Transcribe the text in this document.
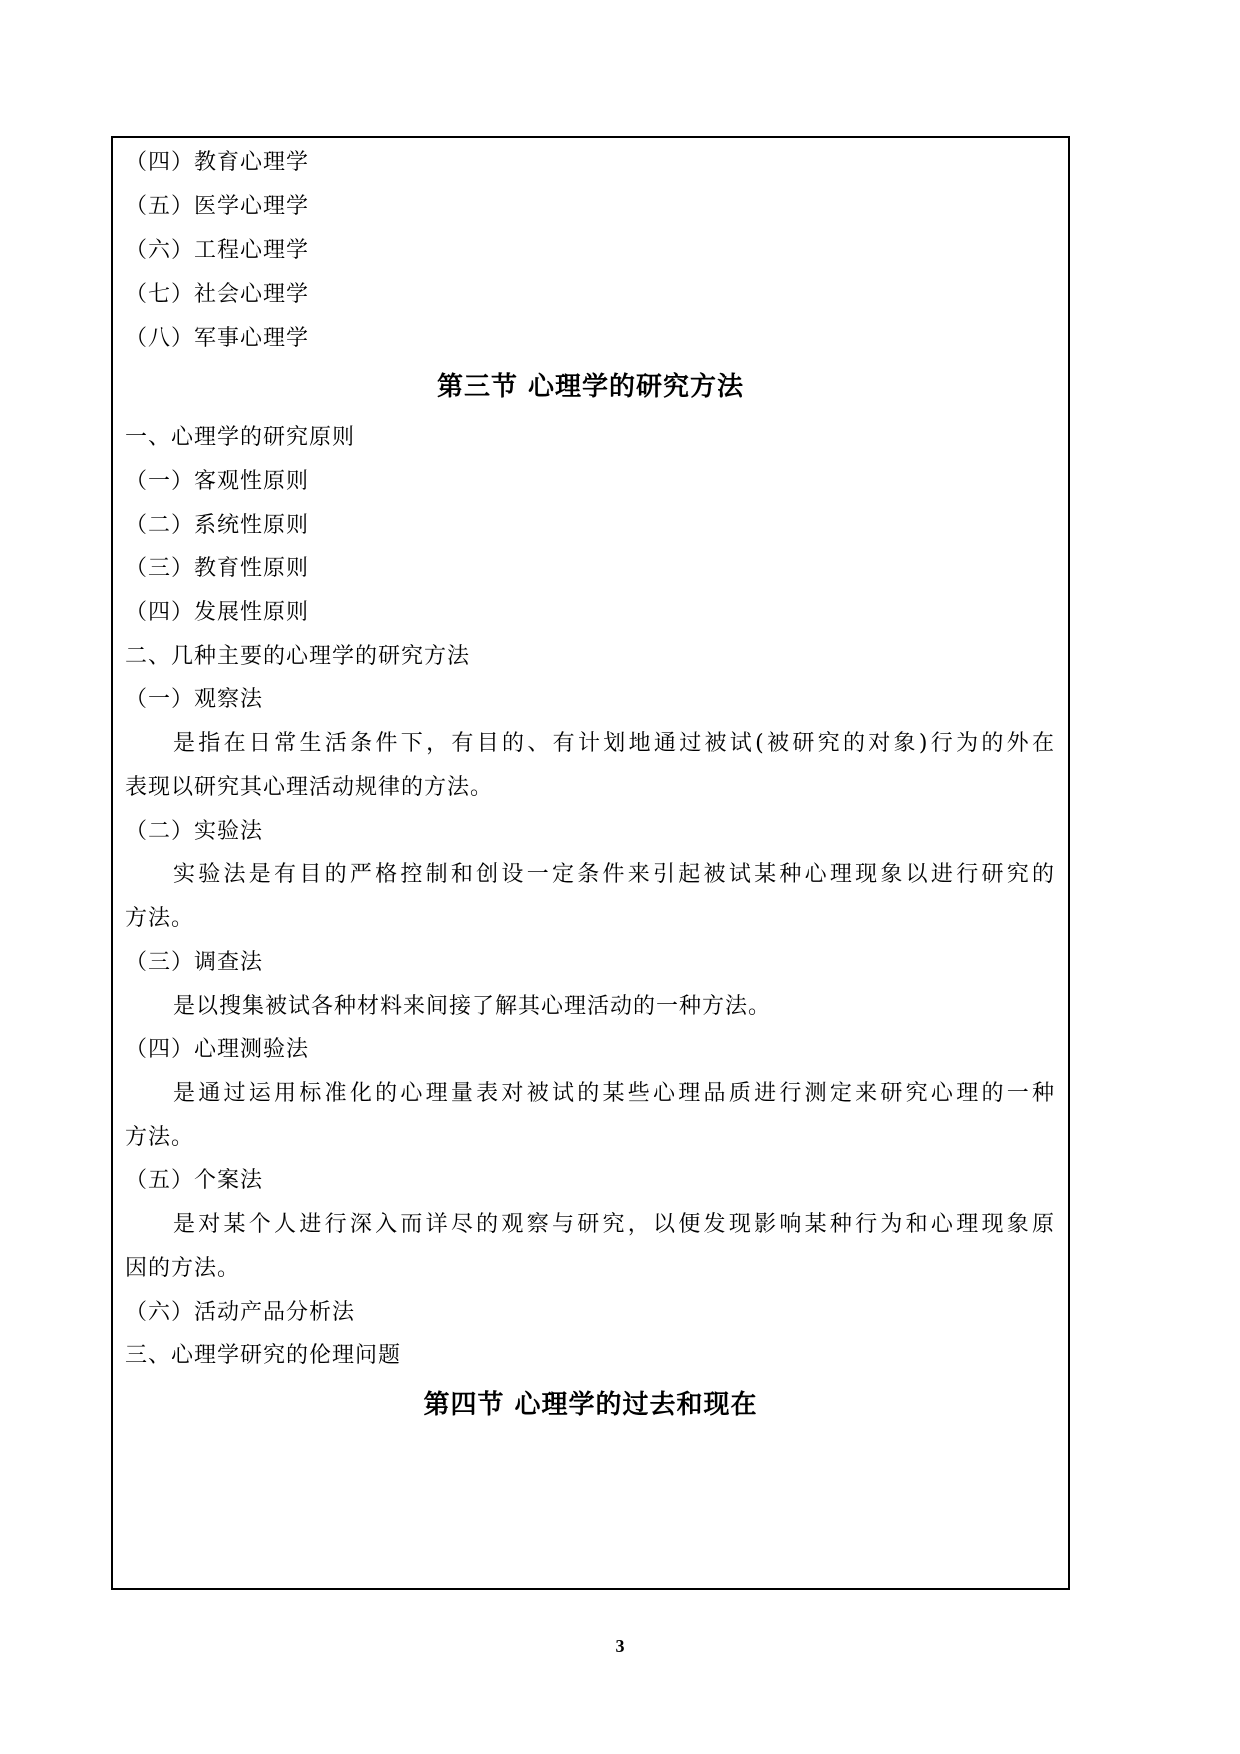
（四）教育心理学
（五）医学心理学
（六）工程心理学
（七）社会心理学
（八）军事心理学
第三节 心理学的研究方法
一、心理学的研究原则
（一）客观性原则
（二）系统性原则
（三）教育性原则
（四）发展性原则
二、几种主要的心理学的研究方法
（一）观察法
是指在日常生活条件下，有目的、有计划地通过被试(被研究的对象)行为的外在
表现以研究其心理活动规律的方法。
（二）实验法
实验法是有目的严格控制和创设一定条件来引起被试某种心理现象以进行研究的
方法。
（三）调查法
是以搜集被试各种材料来间接了解其心理活动的一种方法。
（四）心理测验法
是通过运用标准化的心理量表对被试的某些心理品质进行测定来研究心理的一种
方法。
（五）个案法
是对某个人进行深入而详尽的观察与研究，以便发现影响某种行为和心理现象原
因的方法。
（六）活动产品分析法
三、心理学研究的伦理问题
第四节 心理学的过去和现在
3
